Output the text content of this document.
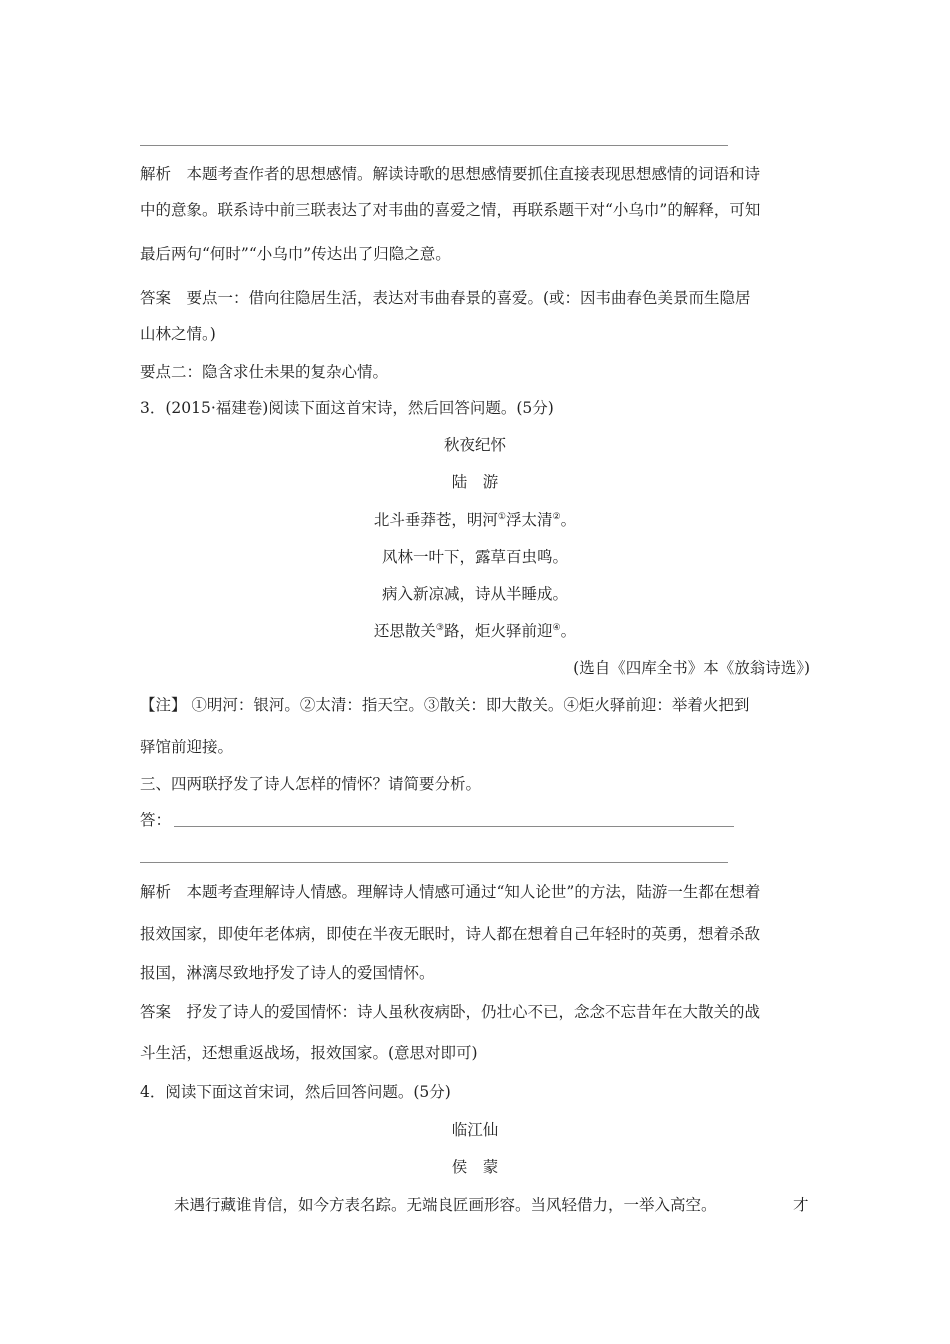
解析　本题考查作者的思想感情。解读诗歌的思想感情要抓住直接表现思想感情的词语和诗
中的意象。联系诗中前三联表达了对韦曲的喜爱之情，再联系题干对“小乌巾”的解释，可知
最后两句“何时”“小乌巾”传达出了归隐之意。
答案　要点一：借向往隐居生活，表达对韦曲春景的喜爱。(或：因韦曲春色美景而生隐居
山林之情。)
要点二：隐含求仕未果的复杂心情。
3．(2015·福建卷)阅读下面这首宋诗，然后回答问题。(5分)
秋夜纪怀
陆　游
北斗垂莽苍，明河①浮太清②。
风林一叶下，露草百虫鸣。
病入新凉减，诗从半睡成。
还思散关③路，炬火驿前迎④。
(选自《四库全书》本《放翁诗选》)
【注】 ①明河：银河。②太清：指天空。③散关：即大散关。④炬火驿前迎：举着火把到
驿馆前迎接。
三、四两联抒发了诗人怎样的情怀？请简要分析。
答：
解析　本题考查理解诗人情感。理解诗人情感可通过“知人论世”的方法，陆游一生都在想着
报效国家，即使年老体病，即使在半夜无眠时，诗人都在想着自己年轻时的英勇，想着杀敌
报国，淋漓尽致地抒发了诗人的爱国情怀。
答案　抒发了诗人的爱国情怀：诗人虽秋夜病卧，仍壮心不已，念念不忘昔年在大散关的战
斗生活，还想重返战场，报效国家。(意思对即可)
4．阅读下面这首宋词，然后回答问题。(5分)
临江仙
侯　蒙
未遇行藏谁肯信，如今方表名踪。无端良匠画形容。当风轻借力，一举入高空。	才
